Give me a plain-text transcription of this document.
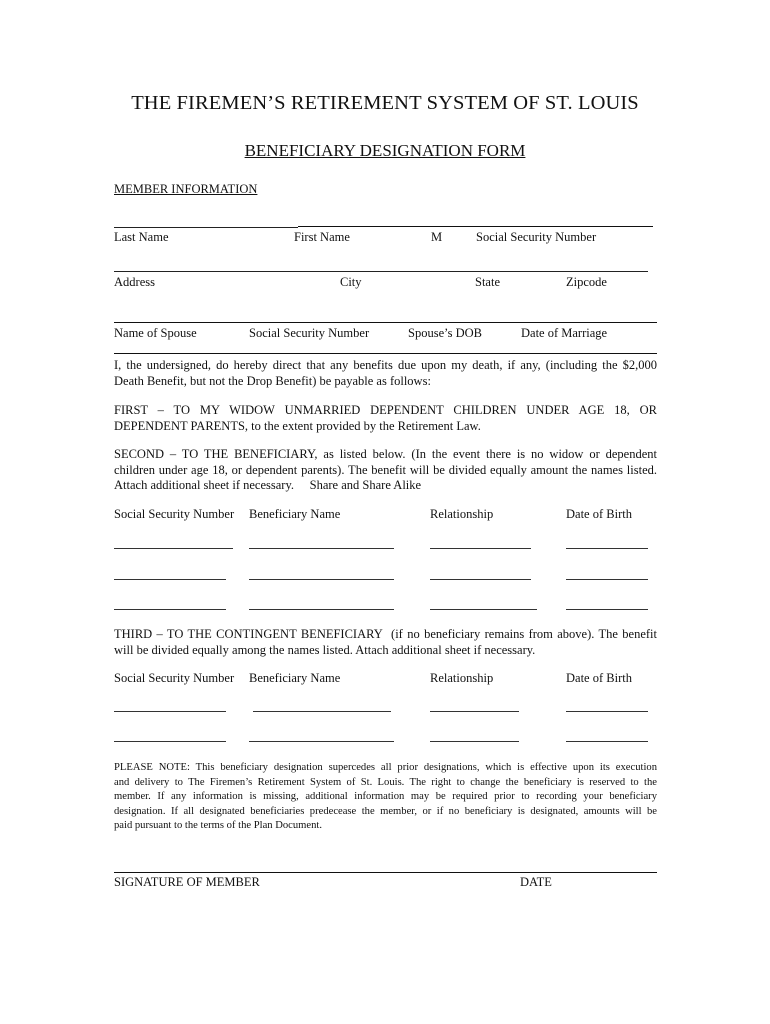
THE FIREMEN’S RETIREMENT SYSTEM OF ST. LOUIS
BENEFICIARY DESIGNATION FORM
MEMBER INFORMATION
Last Name	First Name	M	Social Security Number
Address	City	State	Zipcode
Name of Spouse	Social Security Number	Spouse’s DOB	Date of Marriage
I, the undersigned, do hereby direct that any benefits due upon my death, if any, (including the $2,000
Death Benefit, but not the Drop Benefit) be payable as follows:
FIRST – TO MY WIDOW UNMARRIED DEPENDENT CHILDREN UNDER AGE 18, OR
DEPENDENT PARENTS, to the extent provided by the Retirement Law.
SECOND – TO THE BENEFICIARY, as listed below. (In the event there is no widow or dependent
children under age 18, or dependent parents). The benefit will be divided equally amount the names listed.
Attach additional sheet if necessary.     Share and Share Alike
Social Security Number Beneficiary Name	Relationship	Date of Birth
THIRD – TO THE CONTINGENT BENEFICIARY  (if no beneficiary remains from above). The benefit
will be divided equally among the names listed. Attach additional sheet if necessary.
Social Security Number Beneficiary Name	Relationship	Date of Birth
PLEASE NOTE: This beneficiary designation supercedes all prior designations, which is effective upon its execution
and delivery to The Firemen’s Retirement System of St. Louis. The right to change the beneficiary is reserved to the
member. If any information is missing, additional information may be required prior to recording your beneficiary
designation. If all designated beneficiaries predecease the member, or if no beneficiary is designated, amounts will be
paid pursuant to the terms of the Plan Document.
SIGNATURE OF MEMBER	DATE
